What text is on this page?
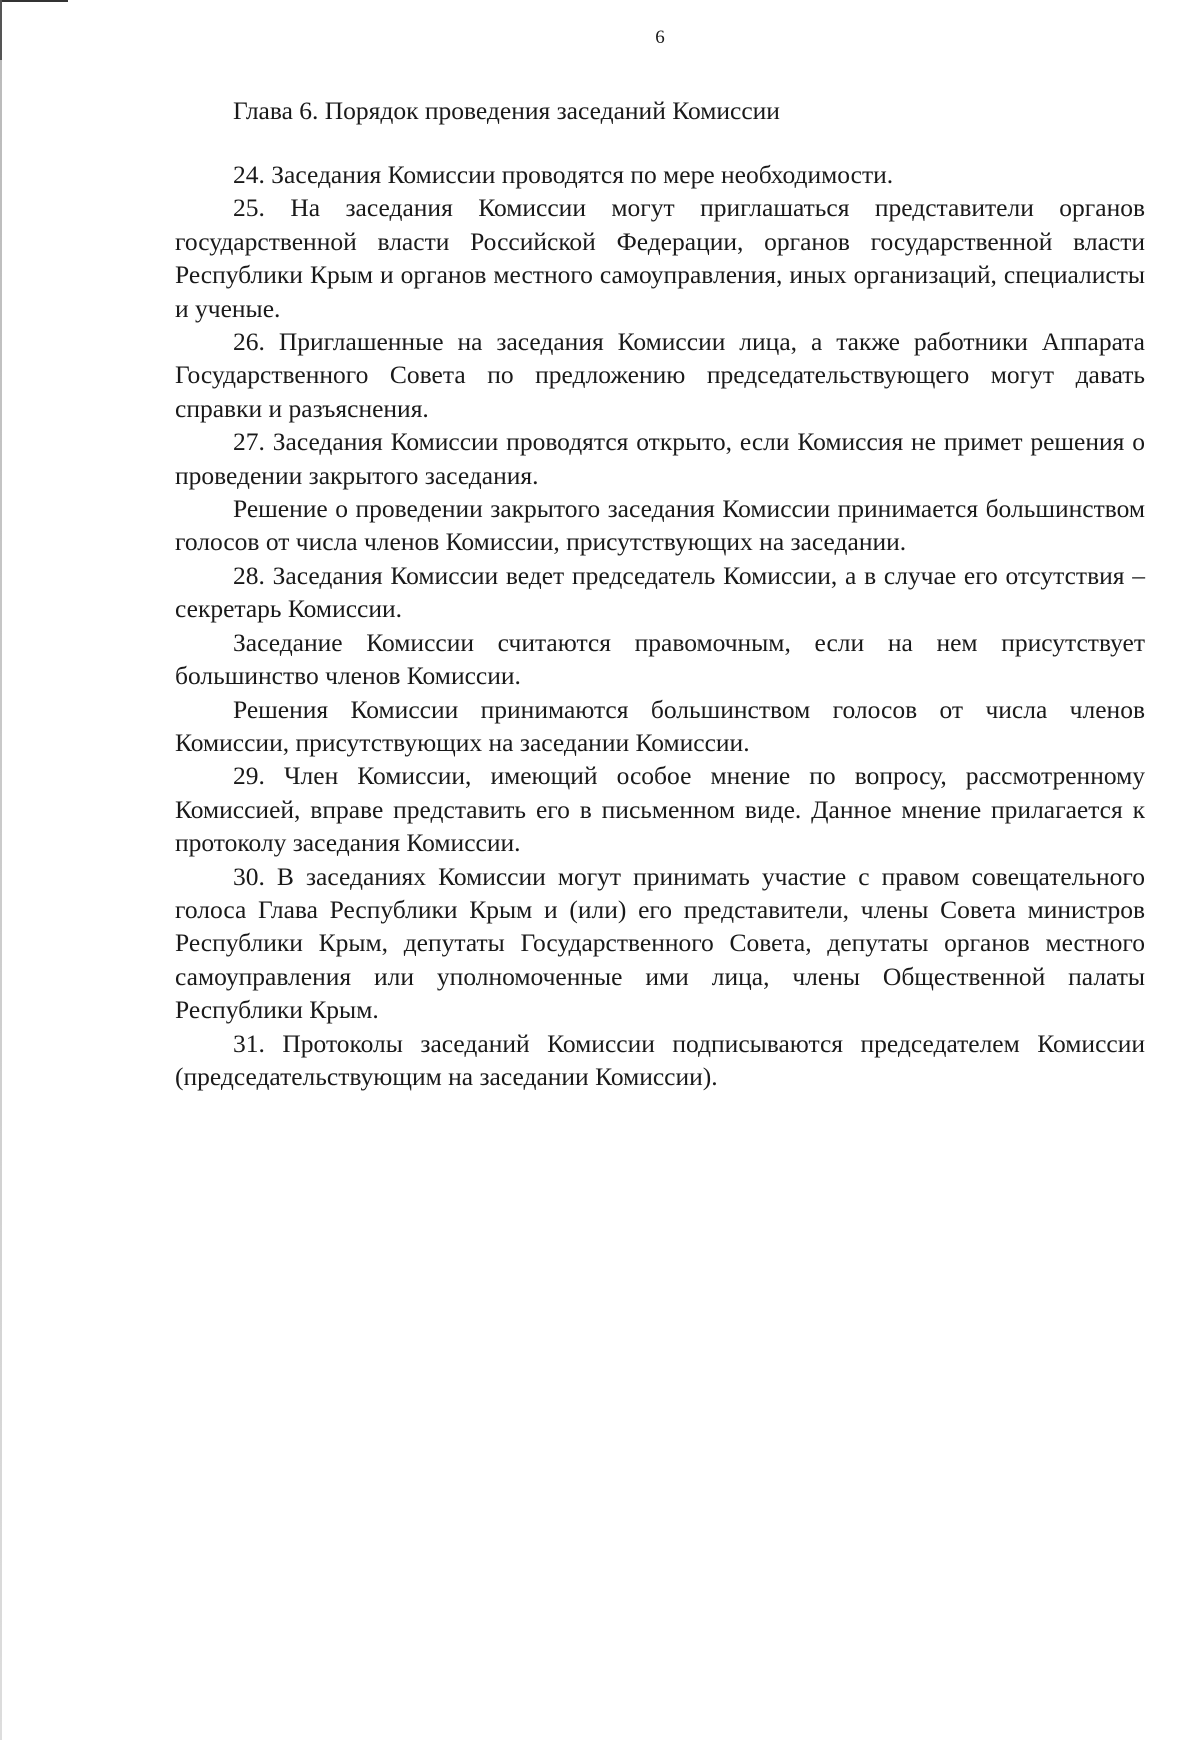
6
Глава 6. Порядок проведения заседаний Комиссии

24. Заседания Комиссии проводятся по мере необходимости.

25. На заседания Комиссии могут приглашаться представители органов государственной власти Российской Федерации, органов государственной власти Республики Крым и органов местного самоуправления, иных организаций, специалисты и ученые.

26. Приглашенные на заседания Комиссии лица, а также работники Аппарата Государственного Совета по предложению председательствующего могут давать справки и разъяснения.

27. Заседания Комиссии проводятся открыто, если Комиссия не примет решения о проведении закрытого заседания.

Решение о проведении закрытого заседания Комиссии принимается большинством голосов от числа членов Комиссии, присутствующих на заседании.

28. Заседания Комиссии ведет председатель Комиссии, а в случае его отсутствия – секретарь Комиссии.

Заседание Комиссии считаются правомочным, если на нем присутствует большинство членов Комиссии.

Решения Комиссии принимаются большинством голосов от числа членов Комиссии, присутствующих на заседании Комиссии.

29. Член Комиссии, имеющий особое мнение по вопросу, рассмотренному Комиссией, вправе представить его в письменном виде. Данное мнение прилагается к протоколу заседания Комиссии.

30. В заседаниях Комиссии могут принимать участие с правом совещательного голоса Глава Республики Крым и (или) его представители, члены Совета министров Республики Крым, депутаты Государственного Совета, депутаты органов местного самоуправления или уполномоченные ими лица, члены Общественной палаты Республики Крым.

31. Протоколы заседаний Комиссии подписываются председателем Комиссии (председательствующим на заседании Комиссии).
